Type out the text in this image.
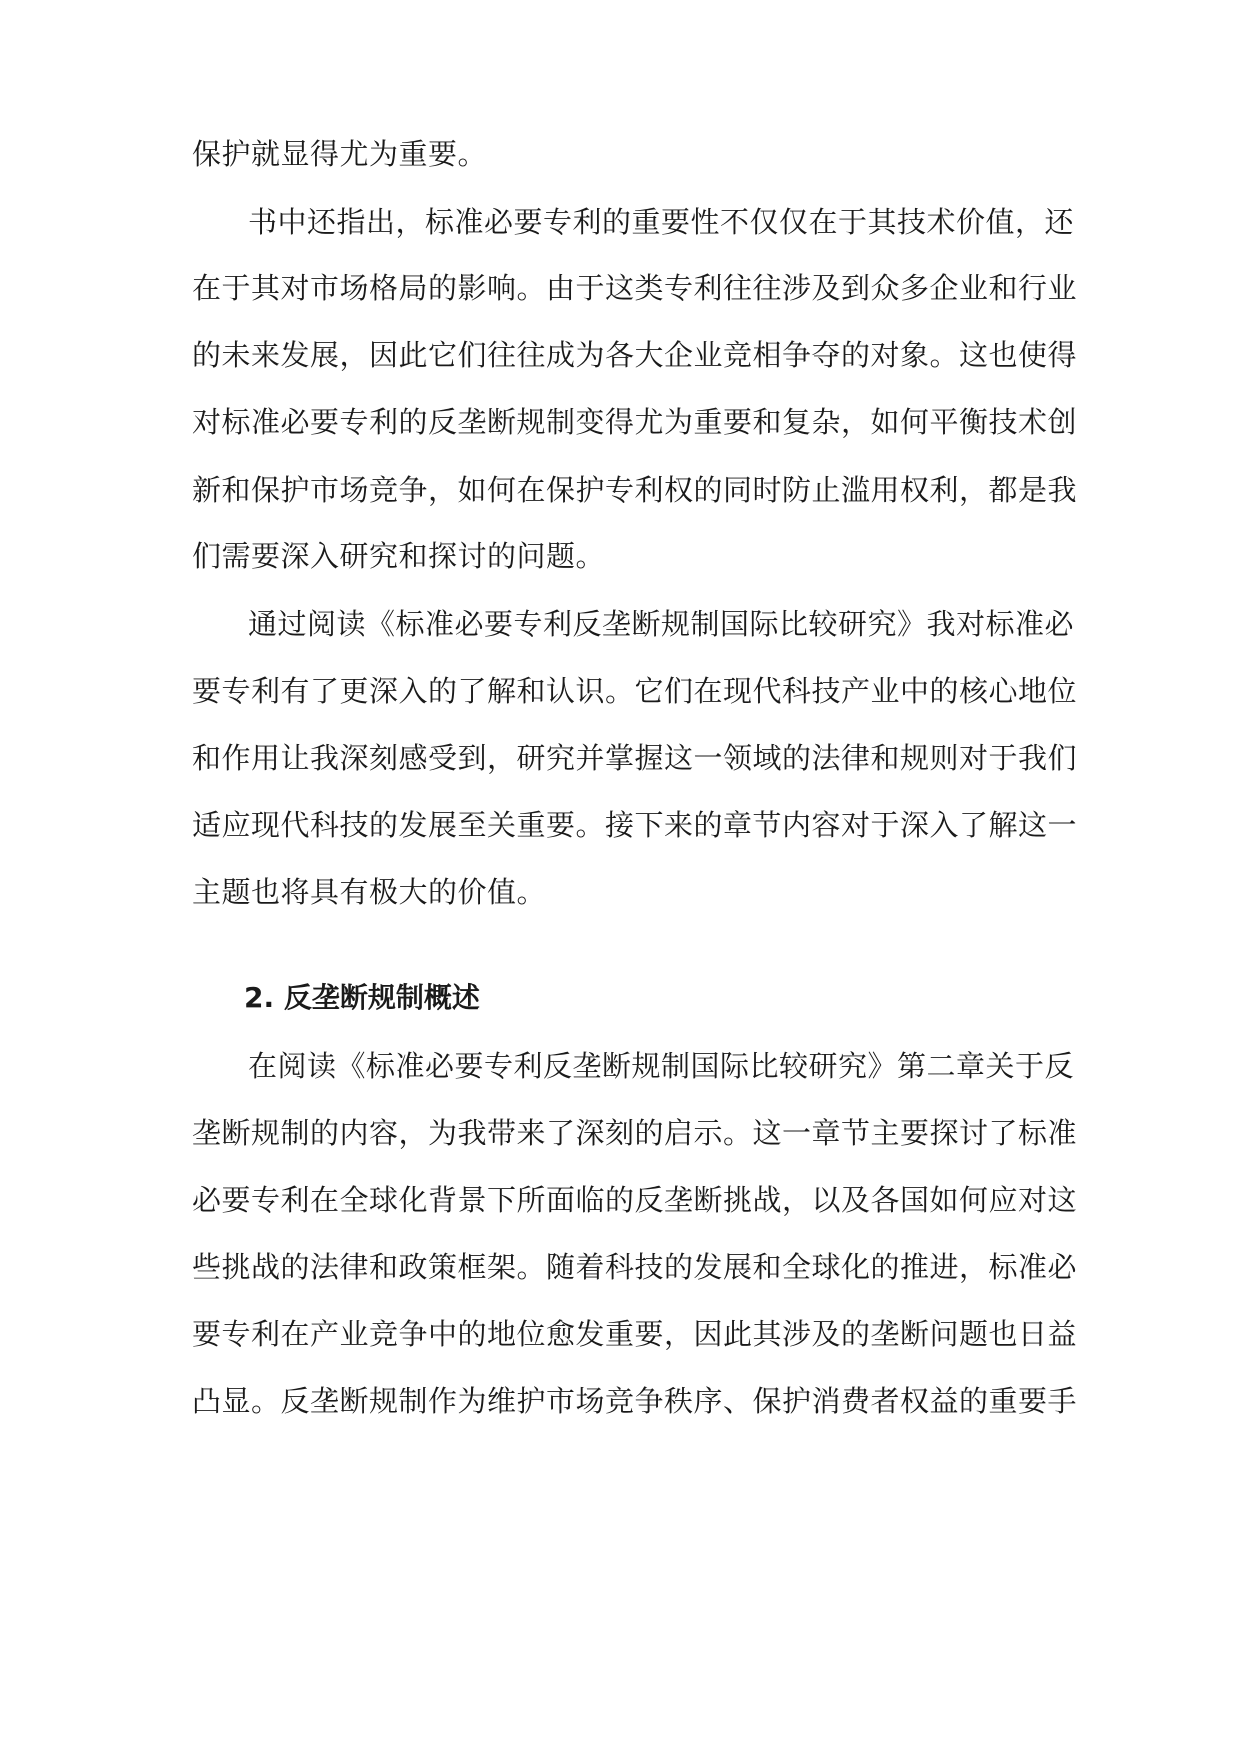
保护就显得尤为重要。
书中还指出，标准必要专利的重要性不仅仅在于其技术价值，还
在于其对市场格局的影响。由于这类专利往往涉及到众多企业和行业
的未来发展，因此它们往往成为各大企业竞相争夺的对象。这也使得
对标准必要专利的反垄断规制变得尤为重要和复杂，如何平衡技术创
新和保护市场竞争，如何在保护专利权的同时防止滥用权利，都是我
们需要深入研究和探讨的问题。
通过阅读《标准必要专利反垄断规制国际比较研究》我对标准必
要专利有了更深入的了解和认识。它们在现代科技产业中的核心地位
和作用让我深刻感受到，研究并掌握这一领域的法律和规则对于我们
适应现代科技的发展至关重要。接下来的章节内容对于深入了解这一
主题也将具有极大的价值。
2. 反垄断规制概述
在阅读《标准必要专利反垄断规制国际比较研究》第二章关于反
垄断规制的内容，为我带来了深刻的启示。这一章节主要探讨了标准
必要专利在全球化背景下所面临的反垄断挑战，以及各国如何应对这
些挑战的法律和政策框架。随着科技的发展和全球化的推进，标准必
要专利在产业竞争中的地位愈发重要，因此其涉及的垄断问题也日益
凸显。反垄断规制作为维护市场竞争秩序、保护消费者权益的重要手
